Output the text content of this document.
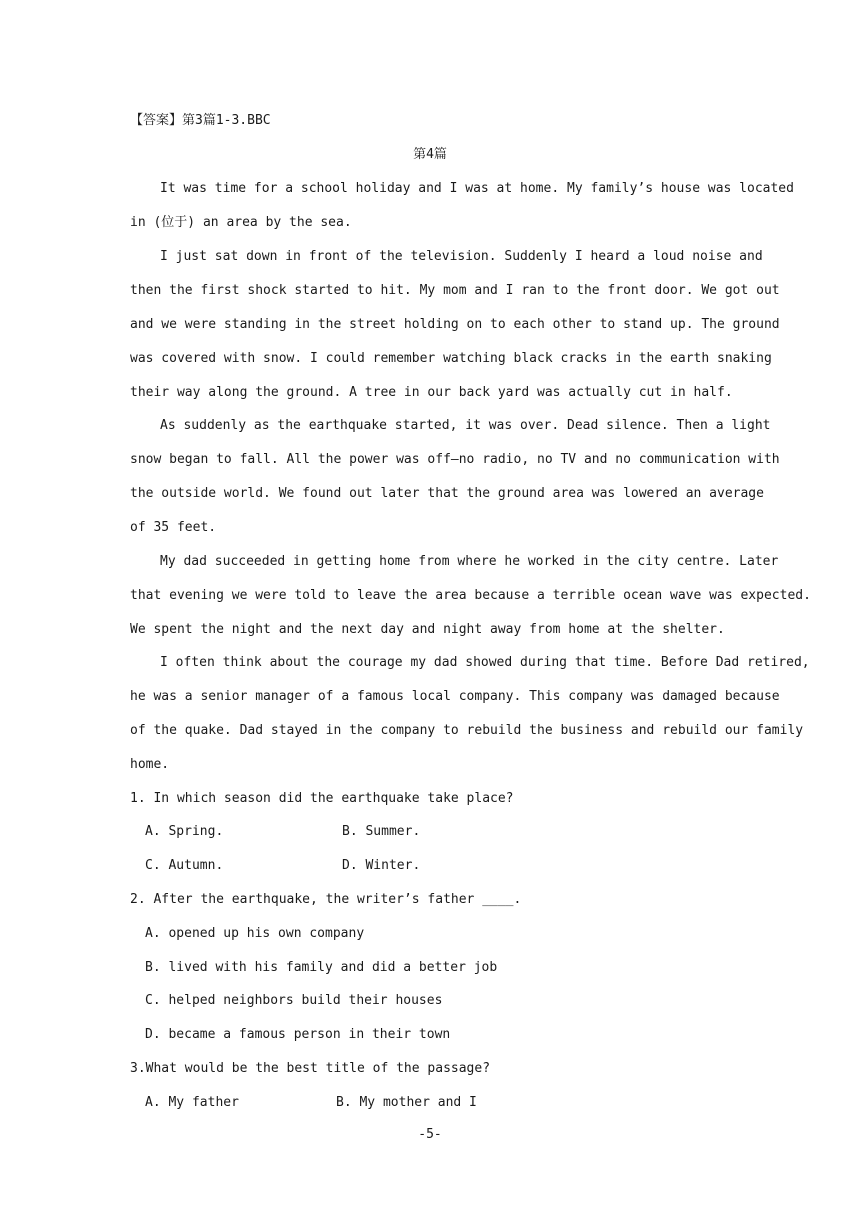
【答案】第3篇1-3.BBC
第4篇
It was time for a school holiday and I was at home. My family’s house was located
in (位于) an area by the sea.
I just sat down in front of the television. Suddenly I heard a loud noise and
then the first shock started to hit. My mom and I ran to the front door. We got out
and we were standing in the street holding on to each other to stand up. The ground
was covered with snow. I could remember watching black cracks in the earth snaking
their way along the ground. A tree in our back yard was actually cut in half.
As suddenly as the earthquake started, it was over. Dead silence. Then a light
snow began to fall. All the power was off—no radio, no TV and no communication with
the outside world. We found out later that the ground area was lowered an average
of 35 feet.
My dad succeeded in getting home from where he worked in the city centre. Later
that evening we were told to leave the area because a terrible ocean wave was expected.
We spent the night and the next day and night away from home at the shelter.
I often think about the courage my dad showed during that time. Before Dad retired,
he was a senior manager of a famous local company. This company was damaged because
of the quake. Dad stayed in the company to rebuild the business and rebuild our family
home.
1. In which season did the earthquake take place?
A. Spring.	B. Summer.
C. Autumn.	D. Winter.
2. After the earthquake, the writer’s father ____.
A. opened up his own company
B. lived with his family and did a better job
C. helped neighbors build their houses
D. became a famous person in their town
3.What would be the best title of the passage?
A. My father	B. My mother and I
-5-
